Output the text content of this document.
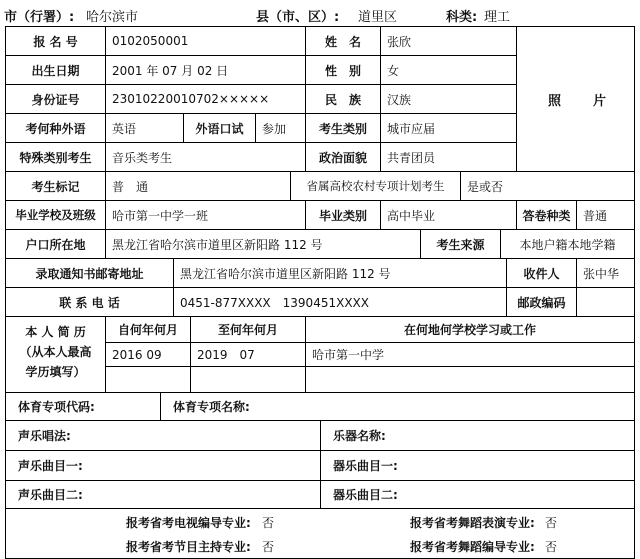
市（行署）: 哈尔滨市	县（市、区）: 道里区	科类: 理工
报 名 号	0102050001	姓　名	张欣
出生日期	2001 年 07 月 02 日	性　别	女
身份证号	23010220010702×××××	民　族	汉族	照　　片
考何种外语	英语	外语口试	参加	考生类别	城市应届
特殊类别考生	音乐类考生	政治面貌	共青团员
考生标记	普　通	省属高校农村专项计划考生	是或否
毕业学校及班级	哈市第一中学一班	毕业类别	高中毕业	答卷种类	普通
户口所在地	黑龙江省哈尔滨市道里区新阳路 112 号	考生来源	本地户籍本地学籍
录取通知书邮寄地址	黑龙江省哈尔滨市道里区新阳路 112 号	收件人	张中华
联 系 电 话	0451-877XXXX　1390451XXXX	邮政编码
本 人 简 历
（从本人最高
学历填写）
自何年何月	至何年何月	在何地何学校学习或工作
2016 09	2019　07	哈市第一中学
体育专项代码:	体育专项名称:
声乐唱法:	乐器名称:
声乐曲目一:	器乐曲目一:
声乐曲目二:	器乐曲目二:
报考省考电视编导专业: 否	报考省考舞蹈表演专业: 否
报考省考节目主持专业: 否	报考省考舞蹈编导专业: 否
